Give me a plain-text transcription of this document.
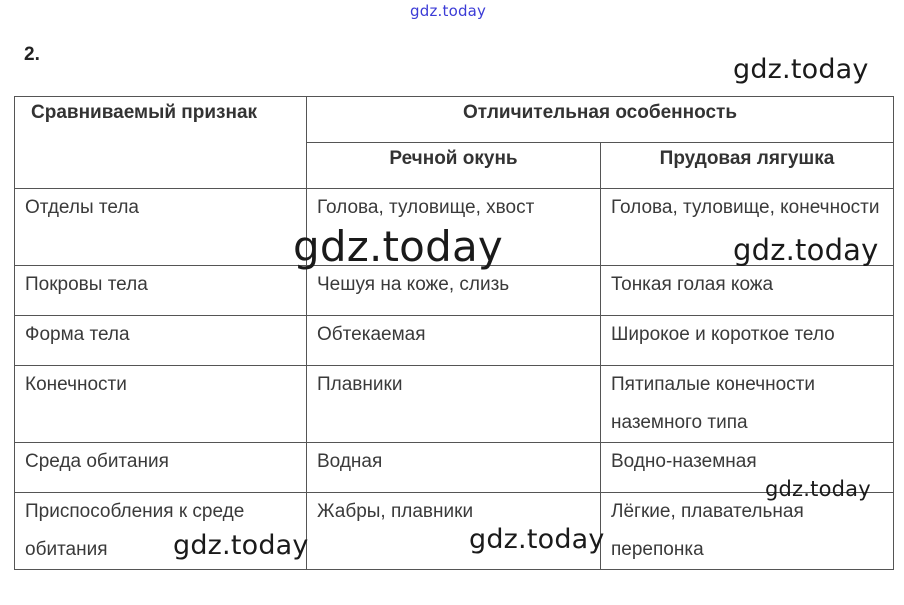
gdz.today
2.
Сравниваемый признак	Отличительная особенность	
	Речной окунь	Прудовая лягушка
Отделы тела	Голова, туловище, хвост	Голова, туловище, конечности
Покровы тела	Чешуя на коже, слизь	Тонкая голая кожа
Форма тела	Обтекаемая	Широкое и короткое тело
Конечности	Плавники	Пятипалые конечности наземного типа
Среда обитания	Водная	Водно-наземная
Приспособления к среде обитания	Жабры, плавники	Лёгкие, плавательная перепонка
gdz.today
gdz.today	gdz.today
gdz.today
gdz.today	gdz.today
